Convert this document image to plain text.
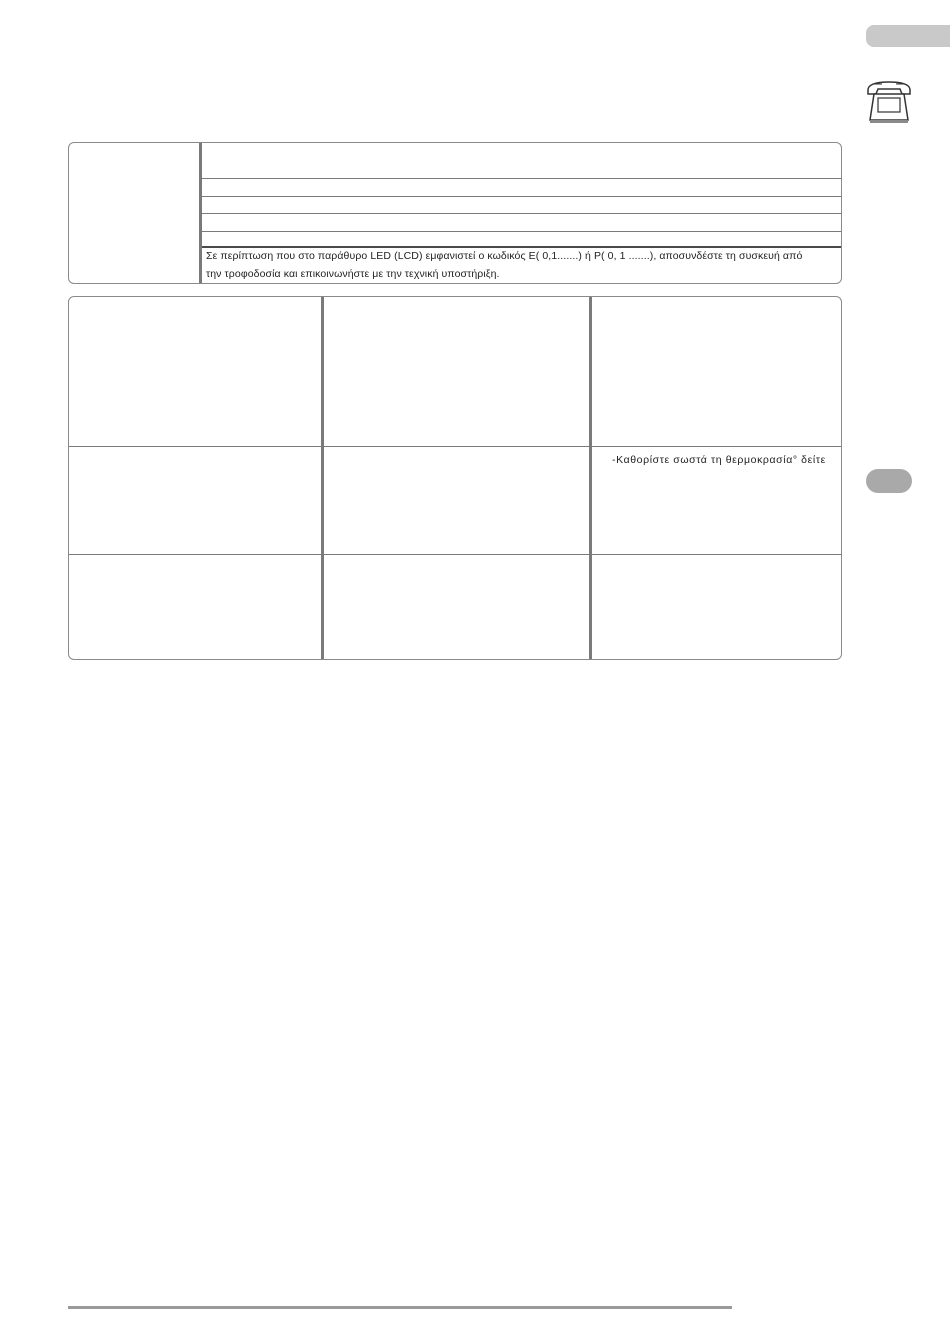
Σε περίπτωση που στο παράθυρο LED (LCD) εμφανιστεί ο κωδικός E( 0,1.......) ή P( 0, 1 .......), αποσυνδέστε τη συσκευή από
την τροφοδοσία και επικοινωνήστε με την τεχνική υποστήριξη.
-Καθορίστε σωστά τη θερμοκρασία° δείτε
